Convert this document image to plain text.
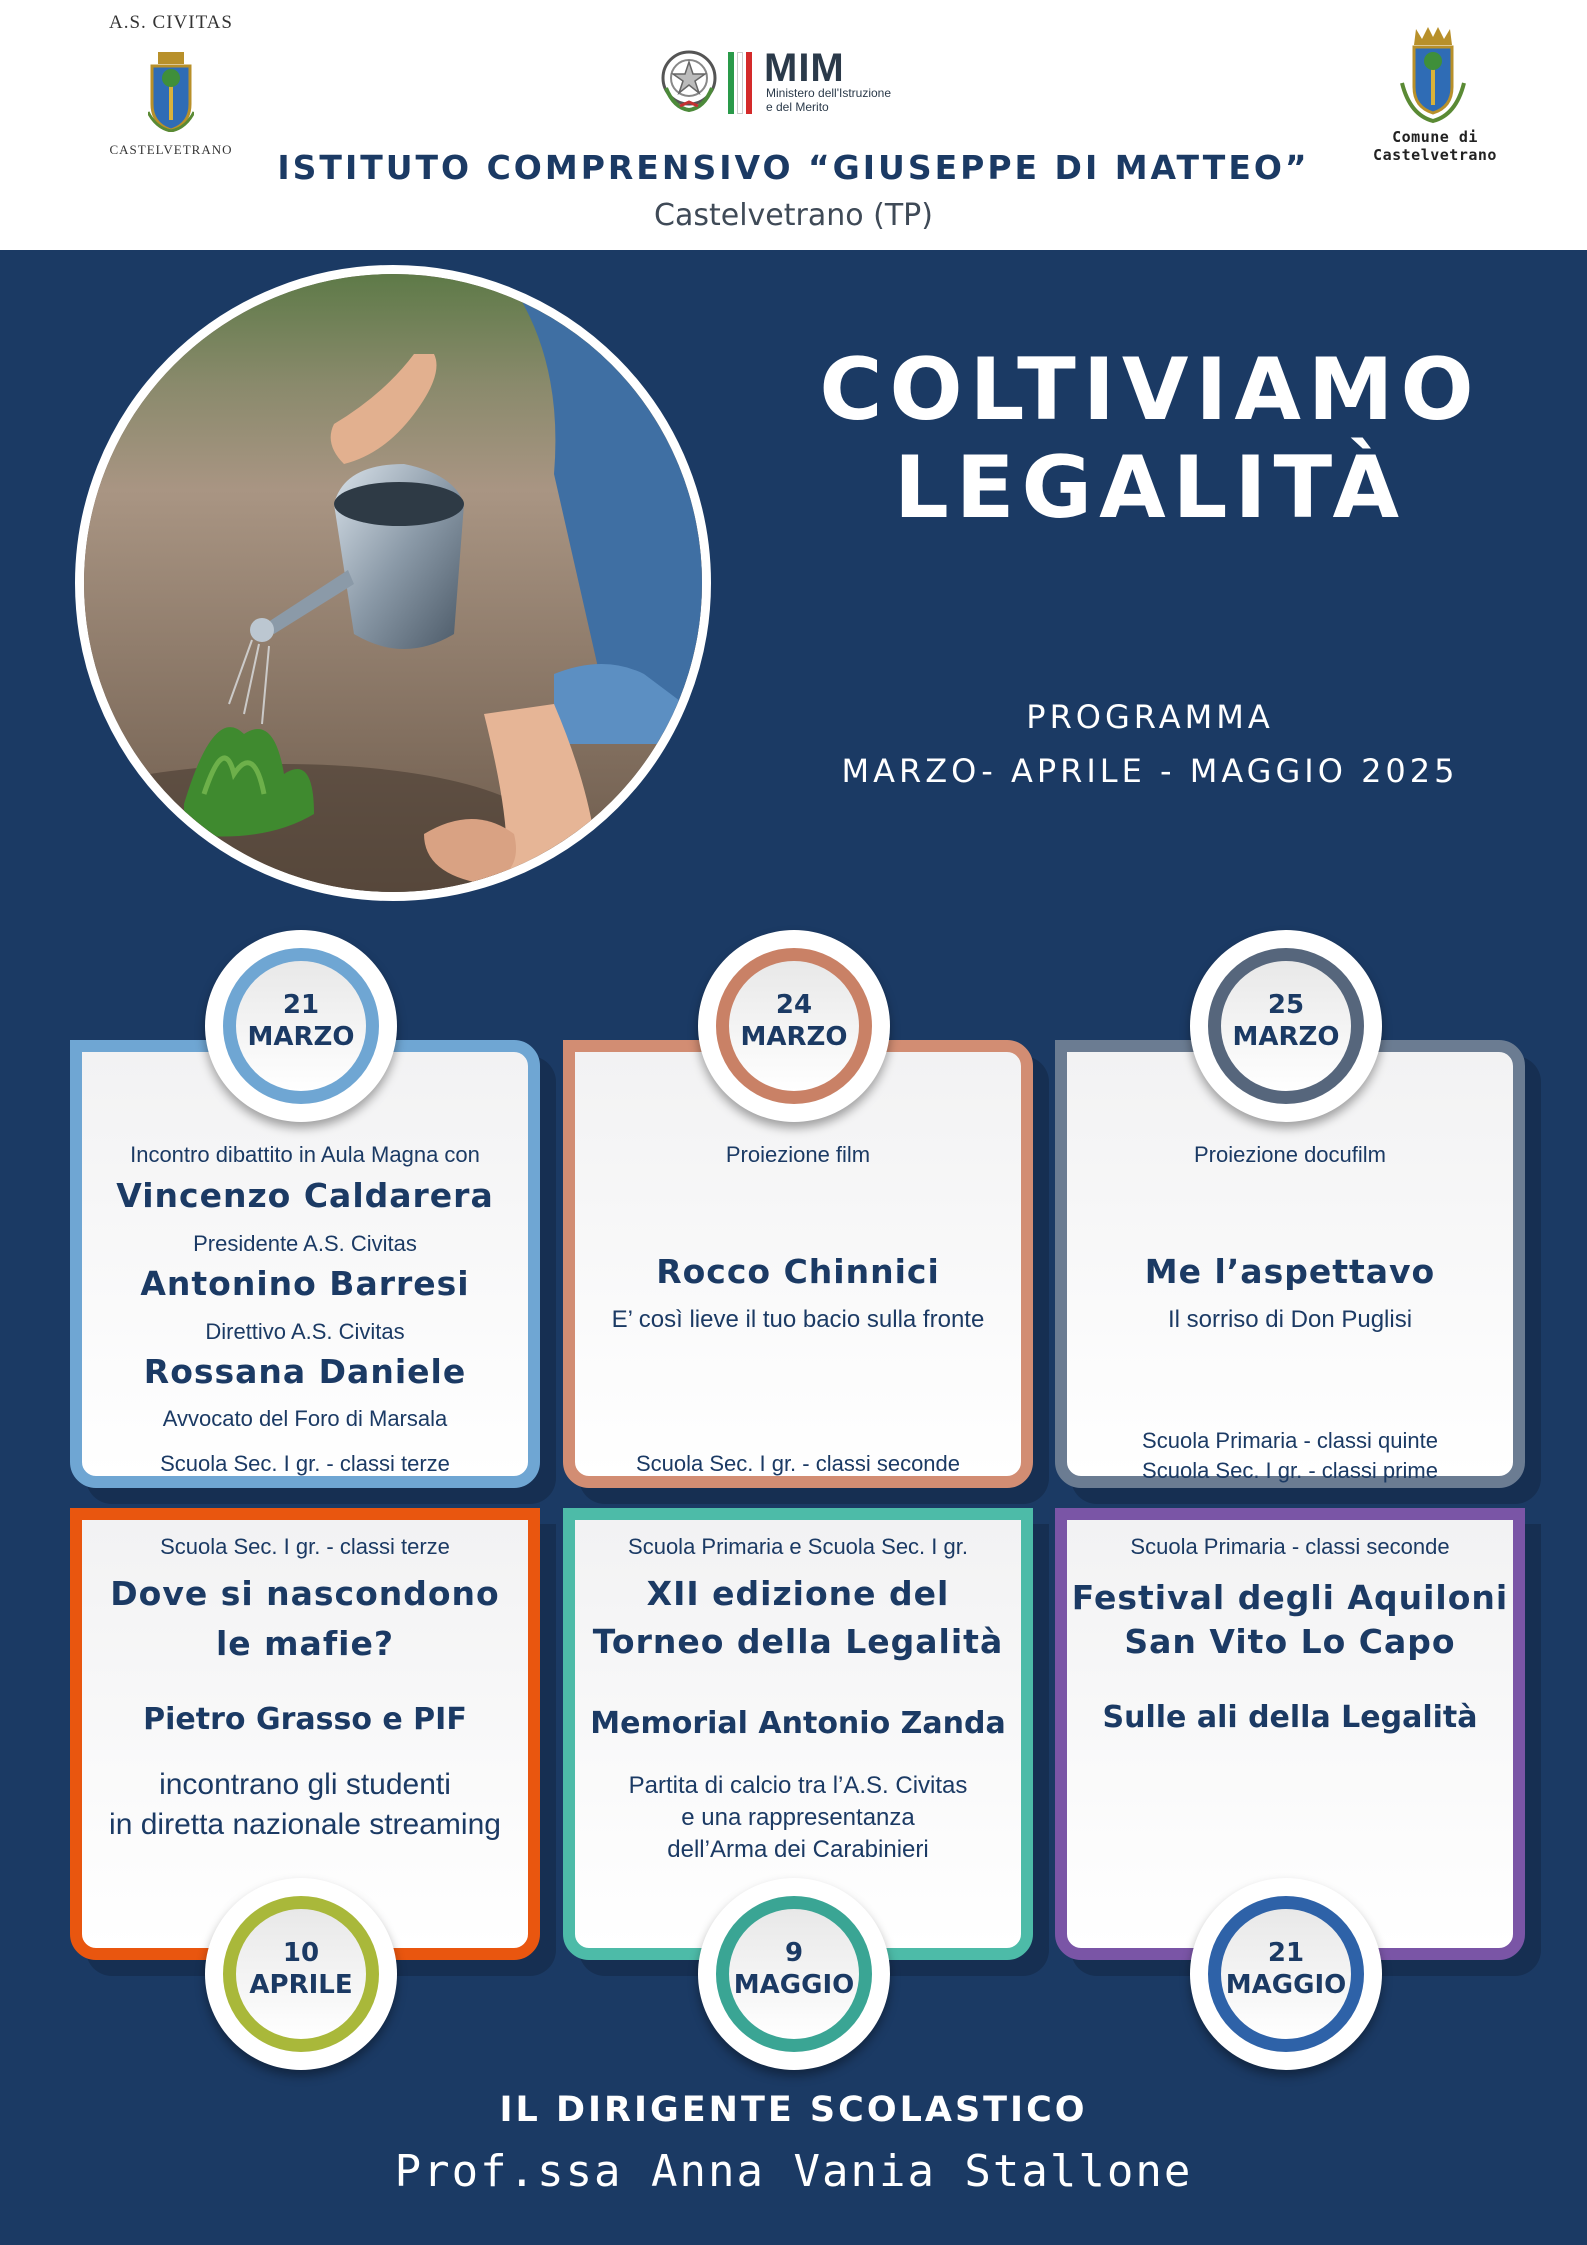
A.S. CIVITAS
CASTELVETRANO
MIM
Ministero dell'Istruzione
e del Merito
Comune di Castelvetrano
ISTITUTO COMPRENSIVO “GIUSEPPE DI MATTEO”
Castelvetrano (TP)
COLTIVIAMO
LEGALITÀ
PROGRAMMA
MARZO- APRILE - MAGGIO 2025
Incontro dibattito in Aula Magna con
Vincenzo Caldarera
Presidente A.S. Civitas
Antonino Barresi
Direttivo A.S. Civitas
Rossana Daniele
Avvocato del Foro di Marsala
Scuola Sec. I gr. - classi terze
Proiezione film
Rocco Chinnici
E’ così lieve il tuo bacio sulla fronte
Scuola Sec. I gr. - classi seconde
Proiezione docufilm
Me l’aspettavo
Il sorriso di Don Puglisi
Scuola Primaria - classi quinte
Scuola Sec. I gr. - classi prime
Scuola Sec. I gr. - classi terze
Dove si nascondono
le mafie?
Pietro Grasso e PIF
incontrano gli studenti
in diretta nazionale streaming
Scuola Primaria e Scuola Sec. I gr.
XII edizione del
Torneo della Legalità
Memorial Antonio Zanda
Partita di calcio tra l’A.S. Civitas
e una rappresentanza
dell’Arma dei Carabinieri
Scuola Primaria - classi seconde
Festival degli Aquiloni
San Vito Lo Capo
Sulle ali della Legalità
21
MARZO
24
MARZO
25
MARZO
10
APRILE
9
MAGGIO
21
MAGGIO
IL DIRIGENTE SCOLASTICO
Prof.ssa Anna Vania Stallone
